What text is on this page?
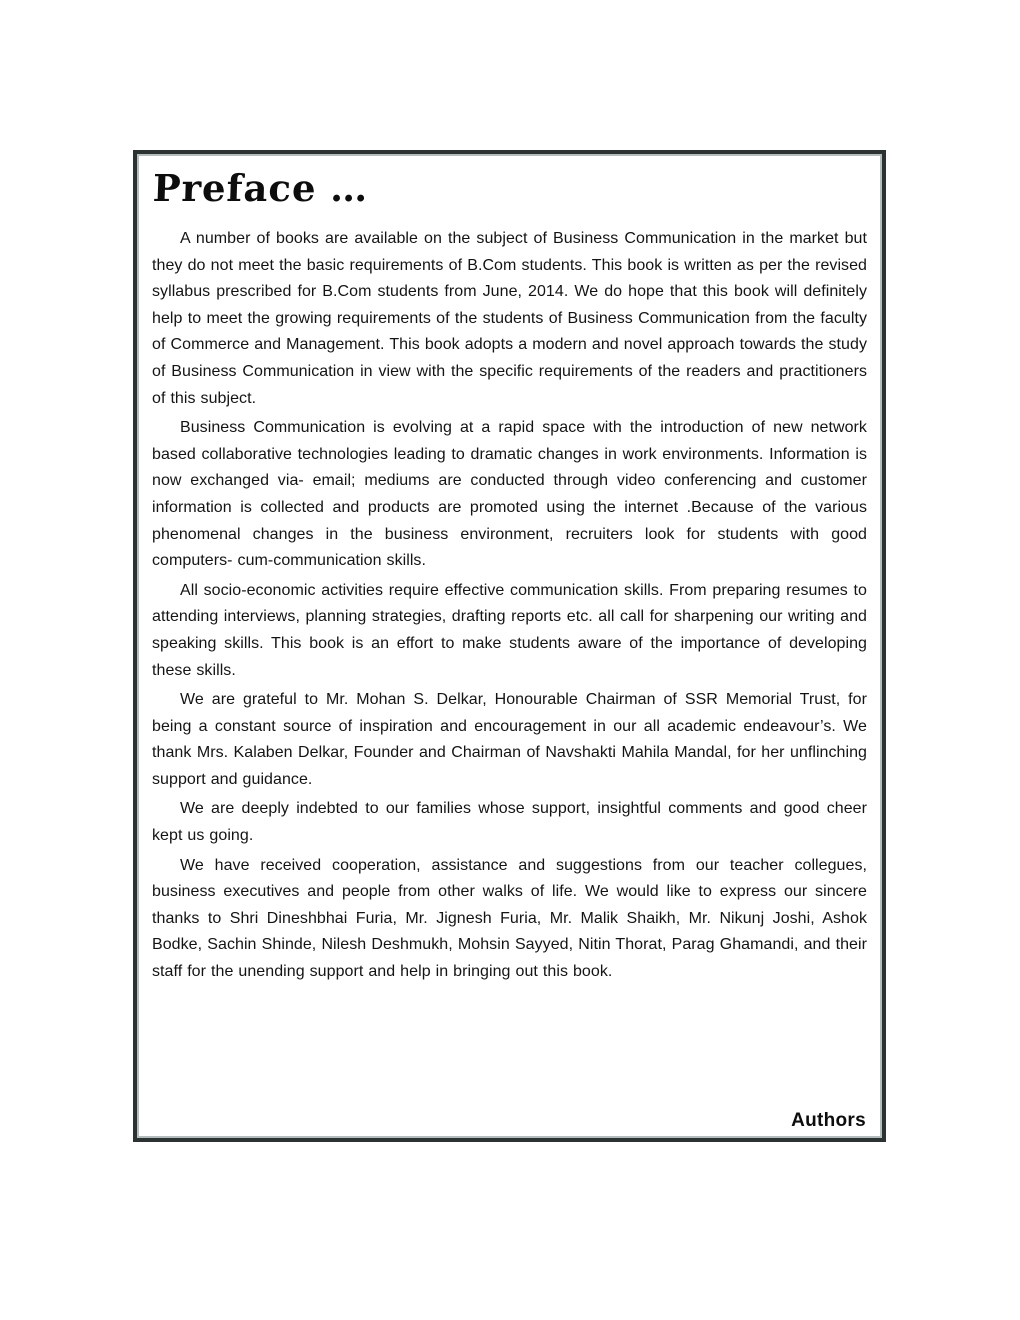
Preface …

A number of books are available on the subject of Business Communication in the market but they do not meet the basic requirements of B.Com students. This book is written as per the revised syllabus prescribed for B.Com students from June, 2014. We do hope that this book will definitely help to meet the growing requirements of the students of Business Communication from the faculty of Commerce and Management. This book adopts a modern and novel approach towards the study of Business Communication in view with the specific requirements of the readers and practitioners of this subject.

Business Communication is evolving at a rapid space with the introduction of new network based collaborative technologies leading to dramatic changes in work environments. Information is now exchanged via- email; mediums are conducted through video conferencing and customer information is collected and products are promoted using the internet .Because of the various phenomenal changes in the business environment, recruiters look for students with good computers- cum-communication skills.

All socio-economic activities require effective communication skills. From preparing resumes to attending interviews, planning strategies, drafting reports etc. all call for sharpening our writing and speaking skills. This book is an effort to make students aware of the importance of developing these skills.

We are grateful to Mr. Mohan S. Delkar, Honourable Chairman of SSR Memorial Trust, for being a constant source of inspiration and encouragement in our all academic endeavour’s. We thank Mrs. Kalaben Delkar, Founder and Chairman of Navshakti Mahila Mandal, for her unflinching support and guidance.

We are deeply indebted to our families whose support, insightful comments and good cheer kept us going.

We have received cooperation, assistance and suggestions from our teacher collegues, business executives and people from other walks of life. We would like to express our sincere thanks to Shri Dineshbhai Furia, Mr. Jignesh Furia, Mr. Malik Shaikh, Mr. Nikunj Joshi, Ashok Bodke, Sachin Shinde, Nilesh Deshmukh, Mohsin Sayyed, Nitin Thorat, Parag Ghamandi, and their staff for the unending support and help in bringing out this book.

Authors
